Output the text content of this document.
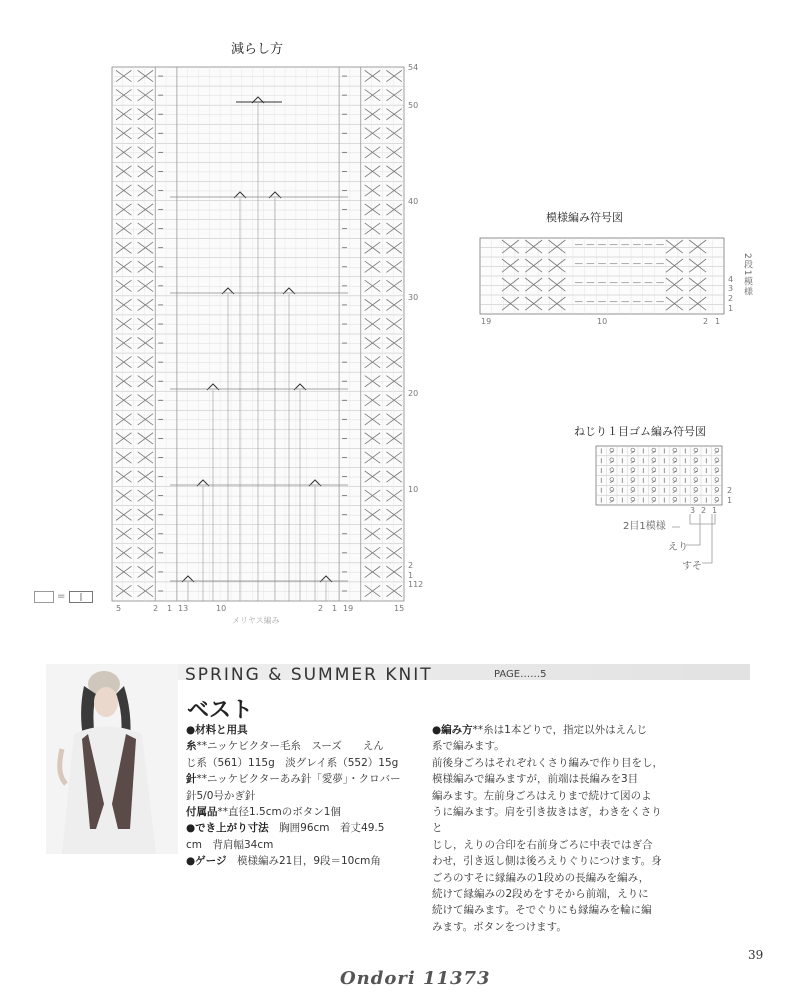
減らし方
54
50
40
30
20
10
2
1
112
5	2 1 13	10	2 1 19	15
メリヤス編み
=	|
模様編み符号図
4
3
2
1
2段1模様
19	10	2 1
ねじり１目ゴム編み符号図
2
1
3 2 1
2目1模様
えり
すそ
SPRING & SUMMER KNIT	PAGE……5
ベスト

●材料と用具

糸**ニッケビクター毛糸　スーズ　　えん

じ系（561）115g　淡グレイ系（552）15g

針**ニッケビクターあみ針「愛夢」・クロバー

針5/0号かぎ針

付属品**直径1.5cmのボタン1個

●でき上がり寸法　胸囲96cm　着丈49.5

cm　背肩幅34cm

●ゲージ　模様編み21目，9段＝10cm角

●編み方**糸は1本どりで，指定以外はえんじ

系で編みます。

前後身ごろはそれぞれくさり編みで作り目をし，

模様編みで編みますが，前端は長編みを3目

編みます。左前身ごろはえりまで続けて図のよ

うに編みます。肩を引き抜きはぎ，わきをくさりと

じし，えりの合印を右前身ごろに中表ではぎ合

わせ，引き返し側は後ろえりぐりにつけます。身

ごろのすそに縁編みの1段めの長編みを編み，

続けて縁編みの2段めをすそから前端，えりに

続けて編みます。そでぐりにも縁編みを輪に編

みます。ボタンをつけます。

39
Ondori 11373
